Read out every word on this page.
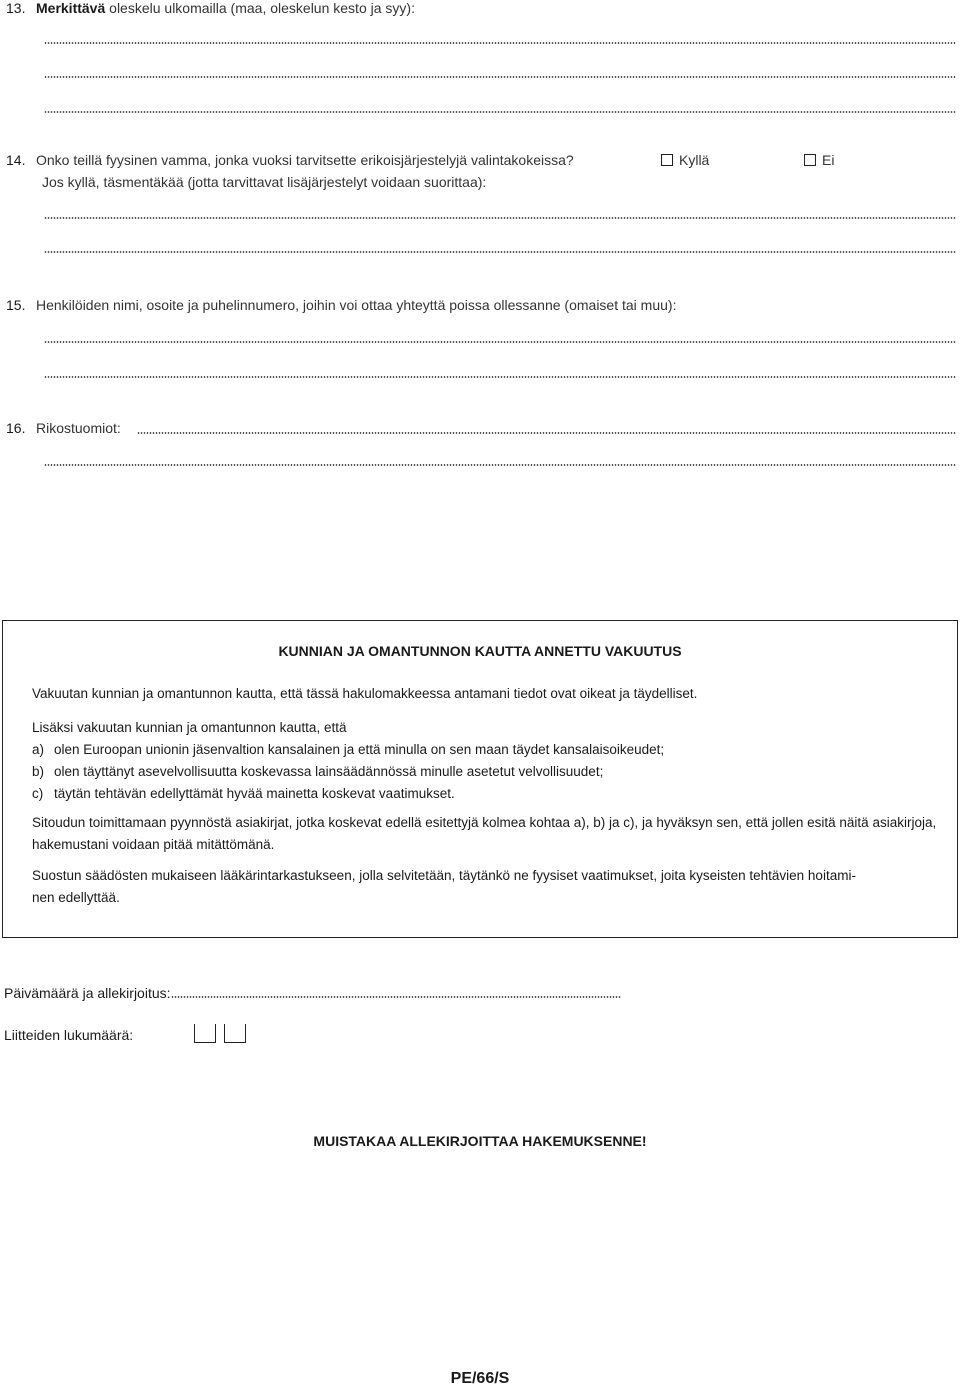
13. Merkittävä oleskelu ulkomailla (maa, oleskelun kesto ja syy):
14. Onko teillä fyysinen vamma, jonka vuoksi tarvitsette erikoisjärjestelyjä valintakokeissa?	Kyllä	Ei
Jos kyllä, täsmentäkää (jotta tarvittavat lisäjärjestelyt voidaan suorittaa):
15. Henkilöiden nimi, osoite ja puhelinnumero, joihin voi ottaa yhteyttä poissa ollessanne (omaiset tai muu):
16. Rikostuomiot:
KUNNIAN JA OMANTUNNON KAUTTA ANNETTU VAKUUTUS
Vakuutan kunnian ja omantunnon kautta, että tässä hakulomakkeessa antamani tiedot ovat oikeat ja täydelliset.
Lisäksi vakuutan kunnian ja omantunnon kautta, että
a) olen Euroopan unionin jäsenvaltion kansalainen ja että minulla on sen maan täydet kansalaisoikeudet;
b) olen täyttänyt asevelvollisuutta koskevassa lainsäädännössä minulle asetetut velvollisuudet;
c) täytän tehtävän edellyttämät hyvää mainetta koskevat vaatimukset.
Sitoudun toimittamaan pyynnöstä asiakirjat, jotka koskevat edellä esitettyjä kolmea kohtaa a), b) ja c), ja hyväksyn sen, että jollen esitä näitä asiakirjoja, hakemustani voidaan pitää mitättömänä.
Suostun säädösten mukaiseen lääkärintarkastukseen, jolla selvitetään, täytänkö ne fyysiset vaatimukset, joita kyseisten tehtävien hoitami-
nen edellyttää.
Päivämäärä ja allekirjoitus:
Liitteiden lukumäärä:
MUISTAKAA ALLEKIRJOITTAA HAKEMUKSENNE!
PE/66/S
